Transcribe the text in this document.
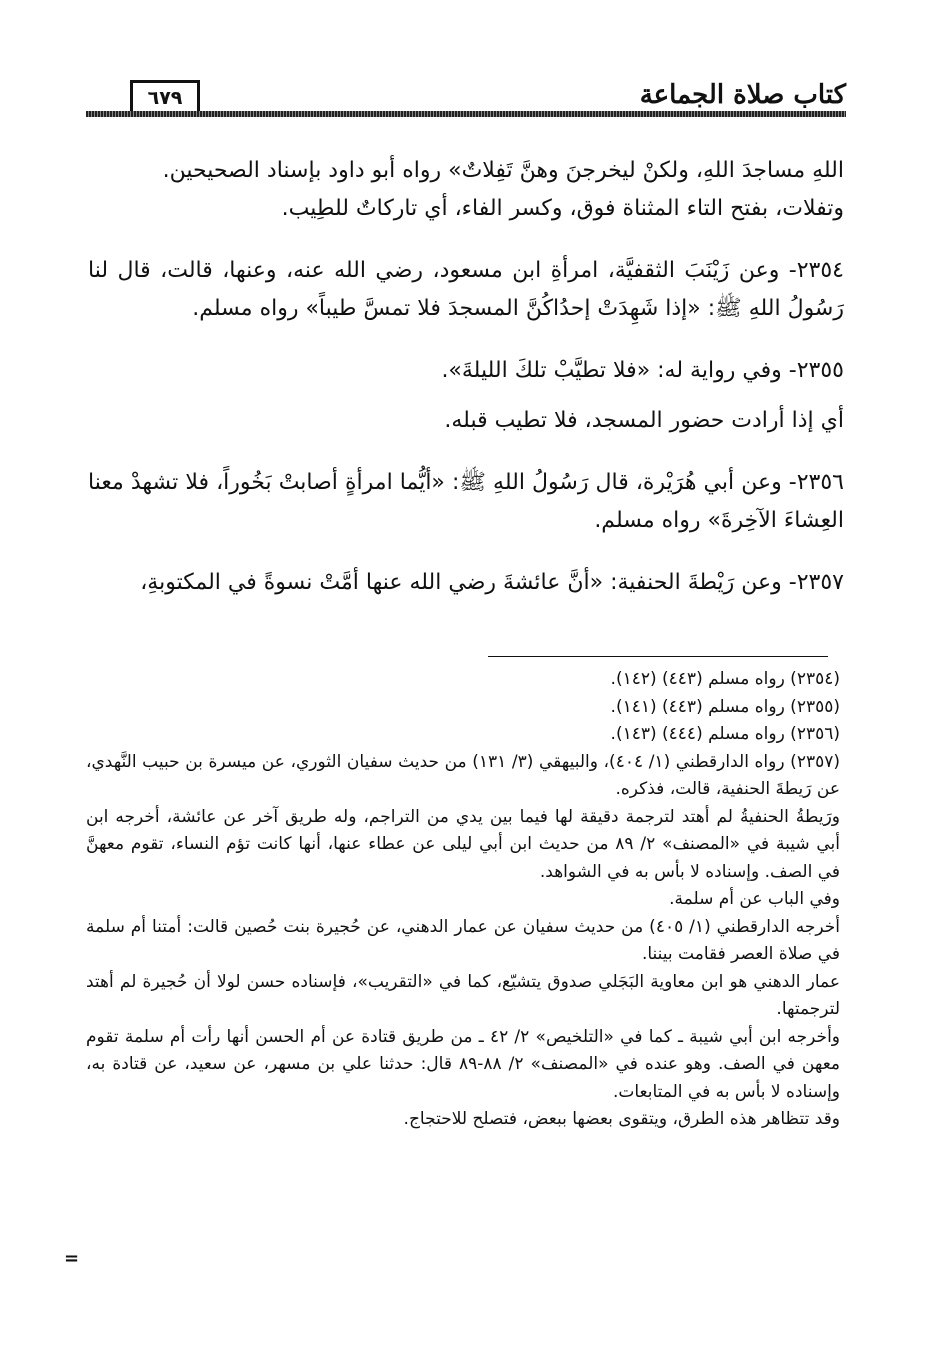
كتاب صلاة الجماعة
٦٧٩

اللهِ مساجدَ اللهِ، ولكنْ ليخرجنَ وهنَّ تَفِلاتٌ» رواه أبو داود بإسناد الصحيحين.

وتفلات، بفتح التاء المثناة فوق، وكسر الفاء، أي تاركاتٌ للطِيب.

٢٣٥٤- وعن زَيْنَبَ الثقفيَّة، امرأةِ ابن مسعود، رضي الله عنه، وعنها، قالت، قال لنا رَسُولُ اللهِ ﷺ: «إذا شَهِدَتْ إحدُاكُنَّ المسجدَ فلا تمسَّ طيباً» رواه مسلم.

٢٣٥٥- وفي رواية له: «فلا تطيَّبْ تلكَ الليلةَ».

أي إذا أرادت حضور المسجد، فلا تطيب قبله.

٢٣٥٦- وعن أبي هُرَيْرة، قال رَسُولُ اللهِ ﷺ: «أيُّما امرأةٍ أصابتْ بَخُوراً، فلا تشهدْ معنا العِشاءَ الآخِرةَ» رواه مسلم.

٢٣٥٧- وعن رَيْطةَ الحنفية: «أنَّ عائشةَ رضي الله عنها أمَّتْ نسوةً في المكتوبةِ،

(٢٣٥٤) رواه مسلم (٤٤٣) (١٤٢).

(٢٣٥٥) رواه مسلم (٤٤٣) (١٤١).

(٢٣٥٦) رواه مسلم (٤٤٤) (١٤٣).

(٢٣٥٧) رواه الدارقطني (١/ ٤٠٤)، والبيهقي (٣/ ١٣١) من حديث سفيان الثوري، عن ميسرة بن حبيب النَّهدي، عن رَيطةَ الحنفية، قالت، فذكره.

ورَيطةُ الحنفيةُ لم أهتد لترجمة دقيقة لها فيما بين يدي من التراجم، وله طريق آخر عن عائشة، أخرجه ابن أبي شيبة في «المصنف» ٢/ ٨٩ من حديث ابن أبي ليلى عن عطاء عنها، أنها كانت تؤم النساء، تقوم معهنَّ في الصف. وإسناده لا بأس به في الشواهد.

وفي الباب عن أم سلمة.

أخرجه الدارقطني (١/ ٤٠٥) من حديث سفيان عن عمار الدهني، عن حُجيرة بنت حُصين قالت: أمتنا أم سلمة في صلاة العصر فقامت بيننا.

عمار الدهني هو ابن معاوية البَجَلي صدوق يتشيّع، كما في «التقريب»، فإسناده حسن لولا أن حُجيرة لم أهتد لترجمتها.

وأخرجه ابن أبي شيبة ـ كما في «التلخيص» ٢/ ٤٢ ـ من طريق قتادة عن أم الحسن أنها رأت أم سلمة تقوم معهن في الصف. وهو عنده في «المصنف» ٢/ ٨٨-٨٩ قال: حدثنا علي بن مسهر، عن سعيد، عن قتادة به، وإسناده لا بأس به في المتابعات.

وقد تتظاهر هذه الطرق، ويتقوى بعضها ببعض، فتصلح للاحتجاج.

=
